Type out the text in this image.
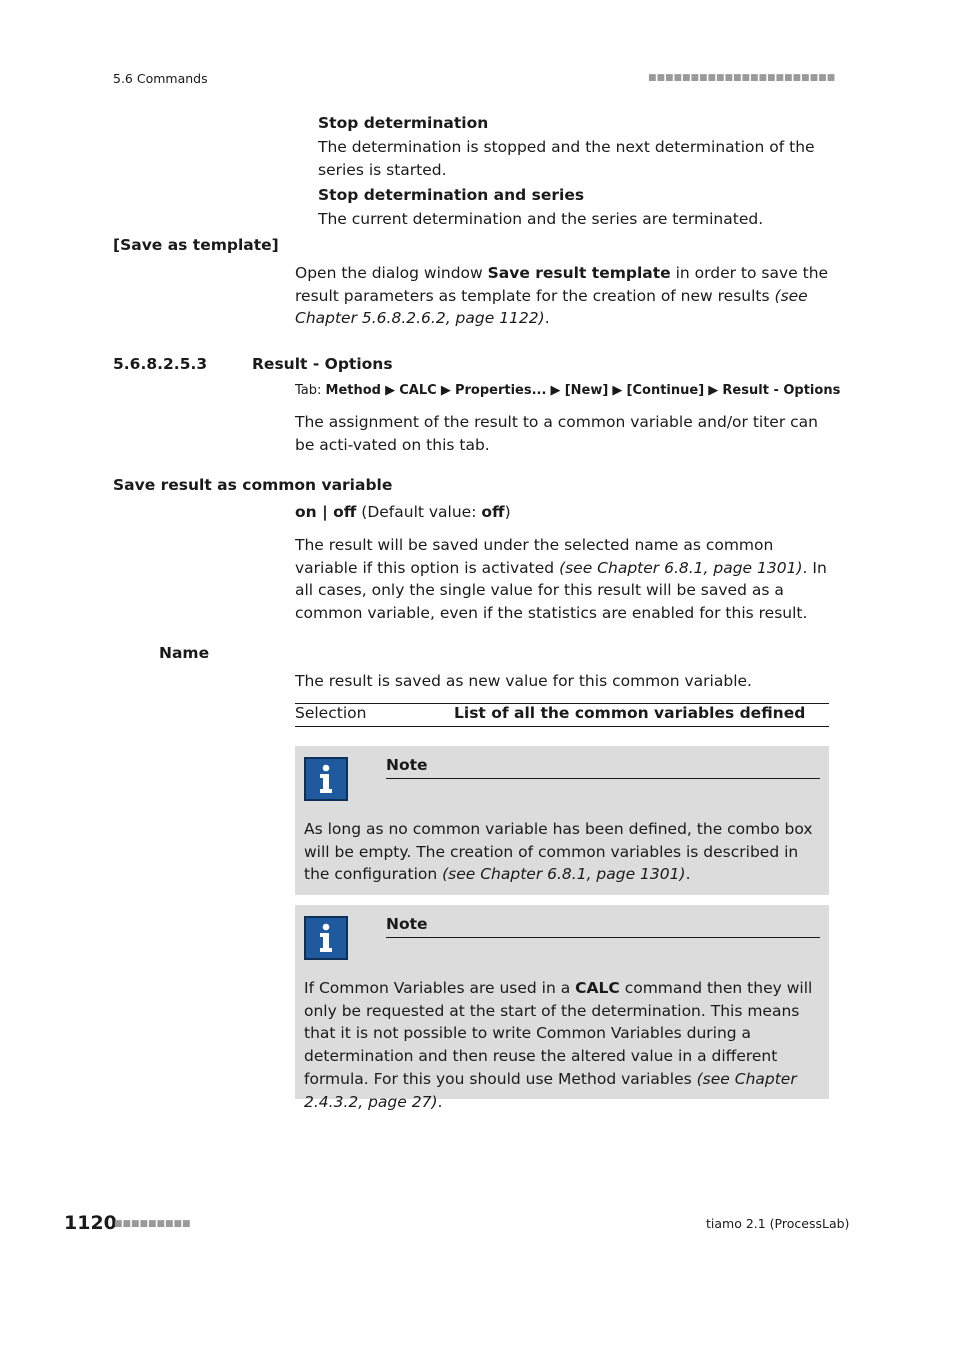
5.6 Commands	■■■■■■■■■■■■■■■■■■■■■■
Stop determination

The determination is stopped and the next determination of the series is started.

Stop determination and series

The current determination and the series are terminated.

[Save as template]

Open the dialog window Save result template in order to save the result parameters as template for the creation of new results (see Chapter 5.6.8.2.6.2, page 1122).

5.6.8.2.5.3	Result - Options
Tab: Method ▶ CALC ▶ Properties... ▶ [New] ▶ [Continue] ▶ Result - Options

The assignment of the result to a common variable and/or titer can be acti-vated on this tab.

Save result as common variable
on | off (Default value: off)

The result will be saved under the selected name as common variable if this option is activated (see Chapter 6.8.1, page 1301). In all cases, only the single value for this result will be saved as a common variable, even if the statistics are enabled for this result.

Name

The result is saved as new value for this common variable.

Selection	List of all the common variables defined
Note

As long as no common variable has been defined, the combo box will be empty. The creation of common variables is described in the configuration (see Chapter 6.8.1, page 1301).

Note

If Common Variables are used in a CALC command then they will only be requested at the start of the determination. This means that it is not possible to write Common Variables during a determination and then reuse the altered value in a different formula. For this you should use Method variables (see Chapter 2.4.3.2, page 27).

1120
■■■■■■■■■	tiamo 2.1 (ProcessLab)
